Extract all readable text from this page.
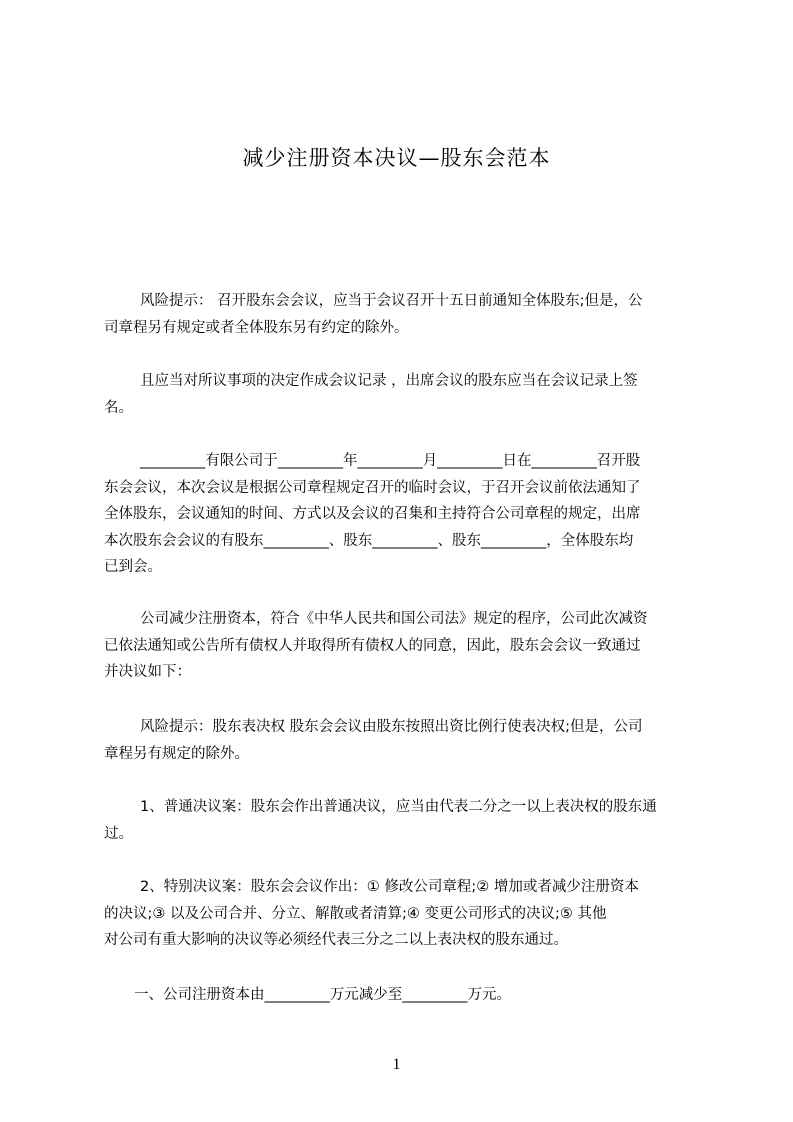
减少注册资本决议—股东会范本
风险提示： 召开股东会会议，应当于会议召开十五日前通知全体股东;但是，公
司章程另有规定或者全体股东另有约定的除外。
且应当对所议事项的决定作成会议记录 ，出席会议的股东应当在会议记录上签
名。
_________有限公司于_________年_________月_________日在_________召开股
东会会议，本次会议是根据公司章程规定召开的临时会议，于召开会议前依法通知了
全体股东，会议通知的时间、方式以及会议的召集和主持符合公司章程的规定，出席
本次股东会会议的有股东_________、股东_________、股东_________，全体股东均
已到会。
公司减少注册资本，符合《中华人民共和国公司法》规定的程序，公司此次减资
已依法通知或公告所有债权人并取得所有债权人的同意，因此，股东会会议一致通过
并决议如下：
风险提示：股东表决权 股东会会议由股东按照出资比例行使表决权;但是，公司
章程另有规定的除外。
1、普通决议案：股东会作出普通决议，应当由代表二分之一以上表决权的股东通
过。
2、特别决议案：股东会会议作出：① 修改公司章程;② 增加或者减少注册资本
的决议;③ 以及公司合并、分立、解散或者清算;④ 变更公司形式的决议;⑤ 其他
对公司有重大影响的决议等必须经代表三分之二以上表决权的股东通过。
一、公司注册资本由_________万元减少至_________万元。
1
